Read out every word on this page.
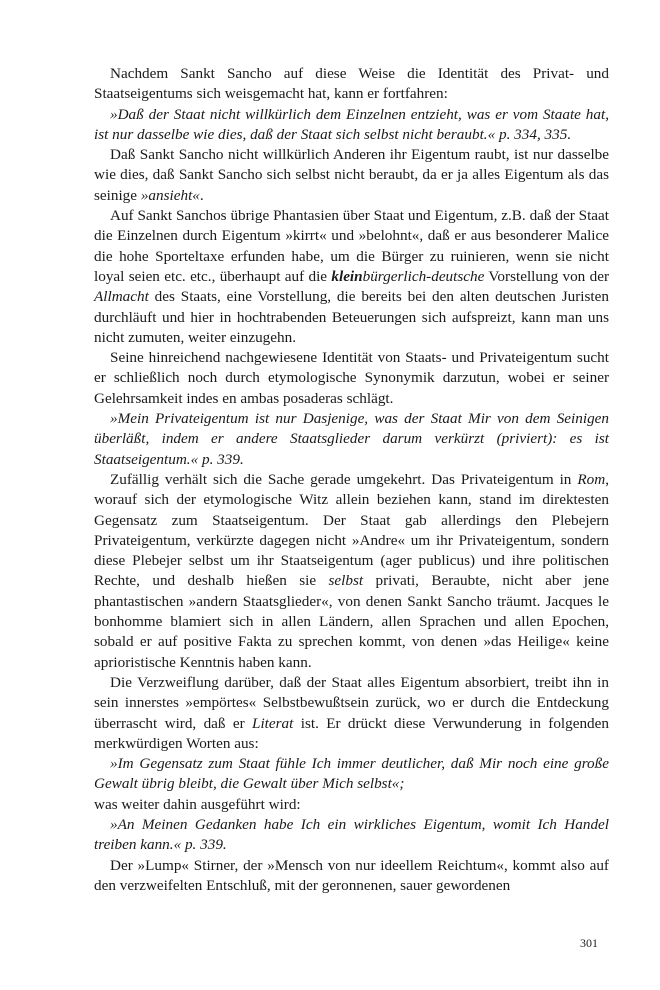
Nachdem Sankt Sancho auf diese Weise die Identität des Privat- und Staatseigentums sich weisgemacht hat, kann er fortfahren:

»Daß der Staat nicht willkürlich dem Einzelnen entzieht, was er vom Staate hat, ist nur dasselbe wie dies, daß der Staat sich selbst nicht beraubt.« p. 334, 335.

Daß Sankt Sancho nicht willkürlich Anderen ihr Eigentum raubt, ist nur dasselbe wie dies, daß Sankt Sancho sich selbst nicht beraubt, da er ja alles Eigentum als das seinige »ansieht«.

Auf Sankt Sanchos übrige Phantasien über Staat und Eigentum, z.B. daß der Staat die Einzelnen durch Eigentum »kirrt« und »belohnt«, daß er aus besonderer Malice die hohe Sporteltaxe erfunden habe, um die Bürger zu ruinieren, wenn sie nicht loyal seien etc. etc., überhaupt auf die kleinbürgerlich-deutsche Vorstellung von der Allmacht des Staats, eine Vorstellung, die bereits bei den alten deutschen Juristen durchläuft und hier in hochtrabenden Beteuerungen sich aufspreizt, kann man uns nicht zumuten, weiter einzugehn.

Seine hinreichend nachgewiesene Identität von Staats- und Privateigentum sucht er schließlich noch durch etymologische Synonymik darzutun, wobei er seiner Gelehrsamkeit indes en ambas posaderas schlägt.

»Mein Privateigentum ist nur Dasjenige, was der Staat Mir von dem Seinigen überläßt, indem er andere Staatsglieder darum verkürzt (priviert): es ist Staatseigentum.« p. 339.

Zufällig verhält sich die Sache gerade umgekehrt. Das Privateigentum in Rom, worauf sich der etymologische Witz allein beziehen kann, stand im direktesten Gegensatz zum Staatseigentum. Der Staat gab allerdings den Plebejern Privateigentum, verkürzte dagegen nicht »Andre« um ihr Privateigentum, sondern diese Plebejer selbst um ihr Staatseigentum (ager publicus) und ihre politischen Rechte, und deshalb hießen sie selbst privati, Beraubte, nicht aber jene phantastischen »andern Staatsglieder«, von denen Sankt Sancho träumt. Jacques le bonhomme blamiert sich in allen Ländern, allen Sprachen und allen Epochen, sobald er auf positive Fakta zu sprechen kommt, von denen »das Heilige« keine aprioristische Kenntnis haben kann.

Die Verzweiflung darüber, daß der Staat alles Eigentum absorbiert, treibt ihn in sein innerstes »empörtes« Selbstbewußtsein zurück, wo er durch die Entdeckung überrascht wird, daß er Literat ist. Er drückt diese Verwunderung in folgenden merkwürdigen Worten aus:

»Im Gegensatz zum Staat fühle Ich immer deutlicher, daß Mir noch eine große Gewalt übrig bleibt, die Gewalt über Mich selbst«;

was weiter dahin ausgeführt wird:

»An Meinen Gedanken habe Ich ein wirkliches Eigentum, womit Ich Handel treiben kann.« p. 339.

Der »Lump« Stirner, der »Mensch von nur ideellem Reichtum«, kommt also auf den verzweifelten Entschluß, mit der geronnenen, sauer gewordenen

301
